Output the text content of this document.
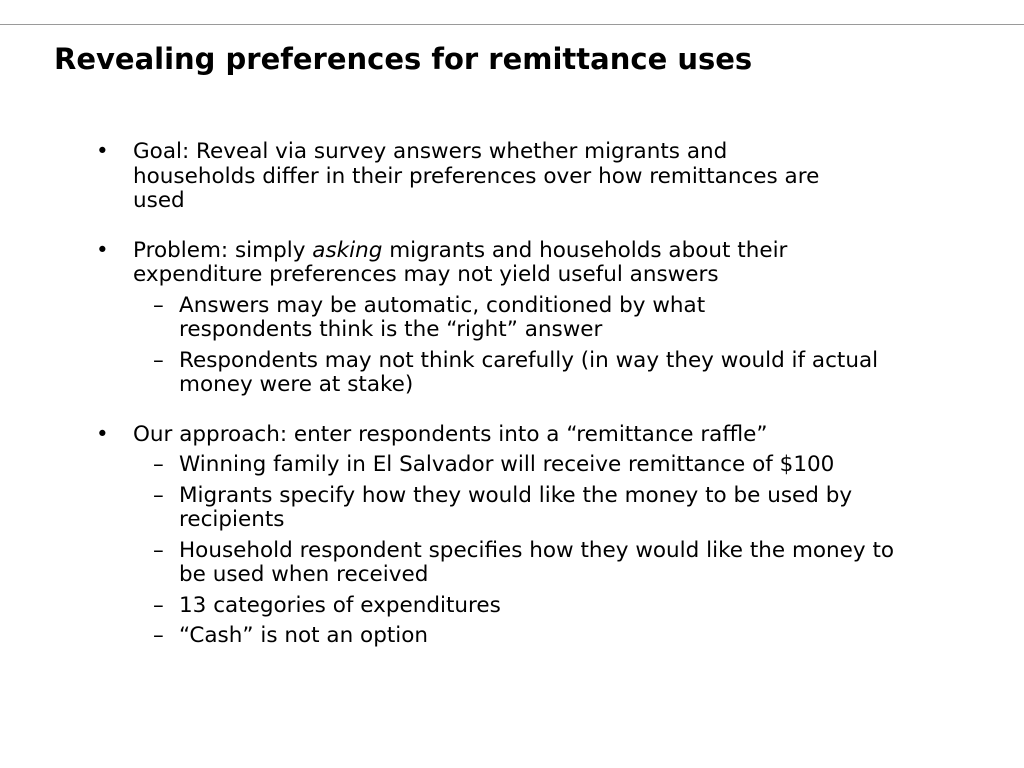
Revealing preferences for remittance uses
• Goal: Reveal via survey answers whether migrants and households differ in their preferences over how remittances are used
• Problem: simply asking migrants and households about their expenditure preferences may not yield useful answers
– Answers may be automatic, conditioned by what respondents think is the “right” answer
– Respondents may not think carefully (in way they would if actual money were at stake)
• Our approach: enter respondents into a “remittance raffle”
– Winning family in El Salvador will receive remittance of $100
– Migrants specify how they would like the money to be used by recipients
– Household respondent specifies how they would like the money to be used when received
– 13 categories of expenditures
– “Cash” is not an option
